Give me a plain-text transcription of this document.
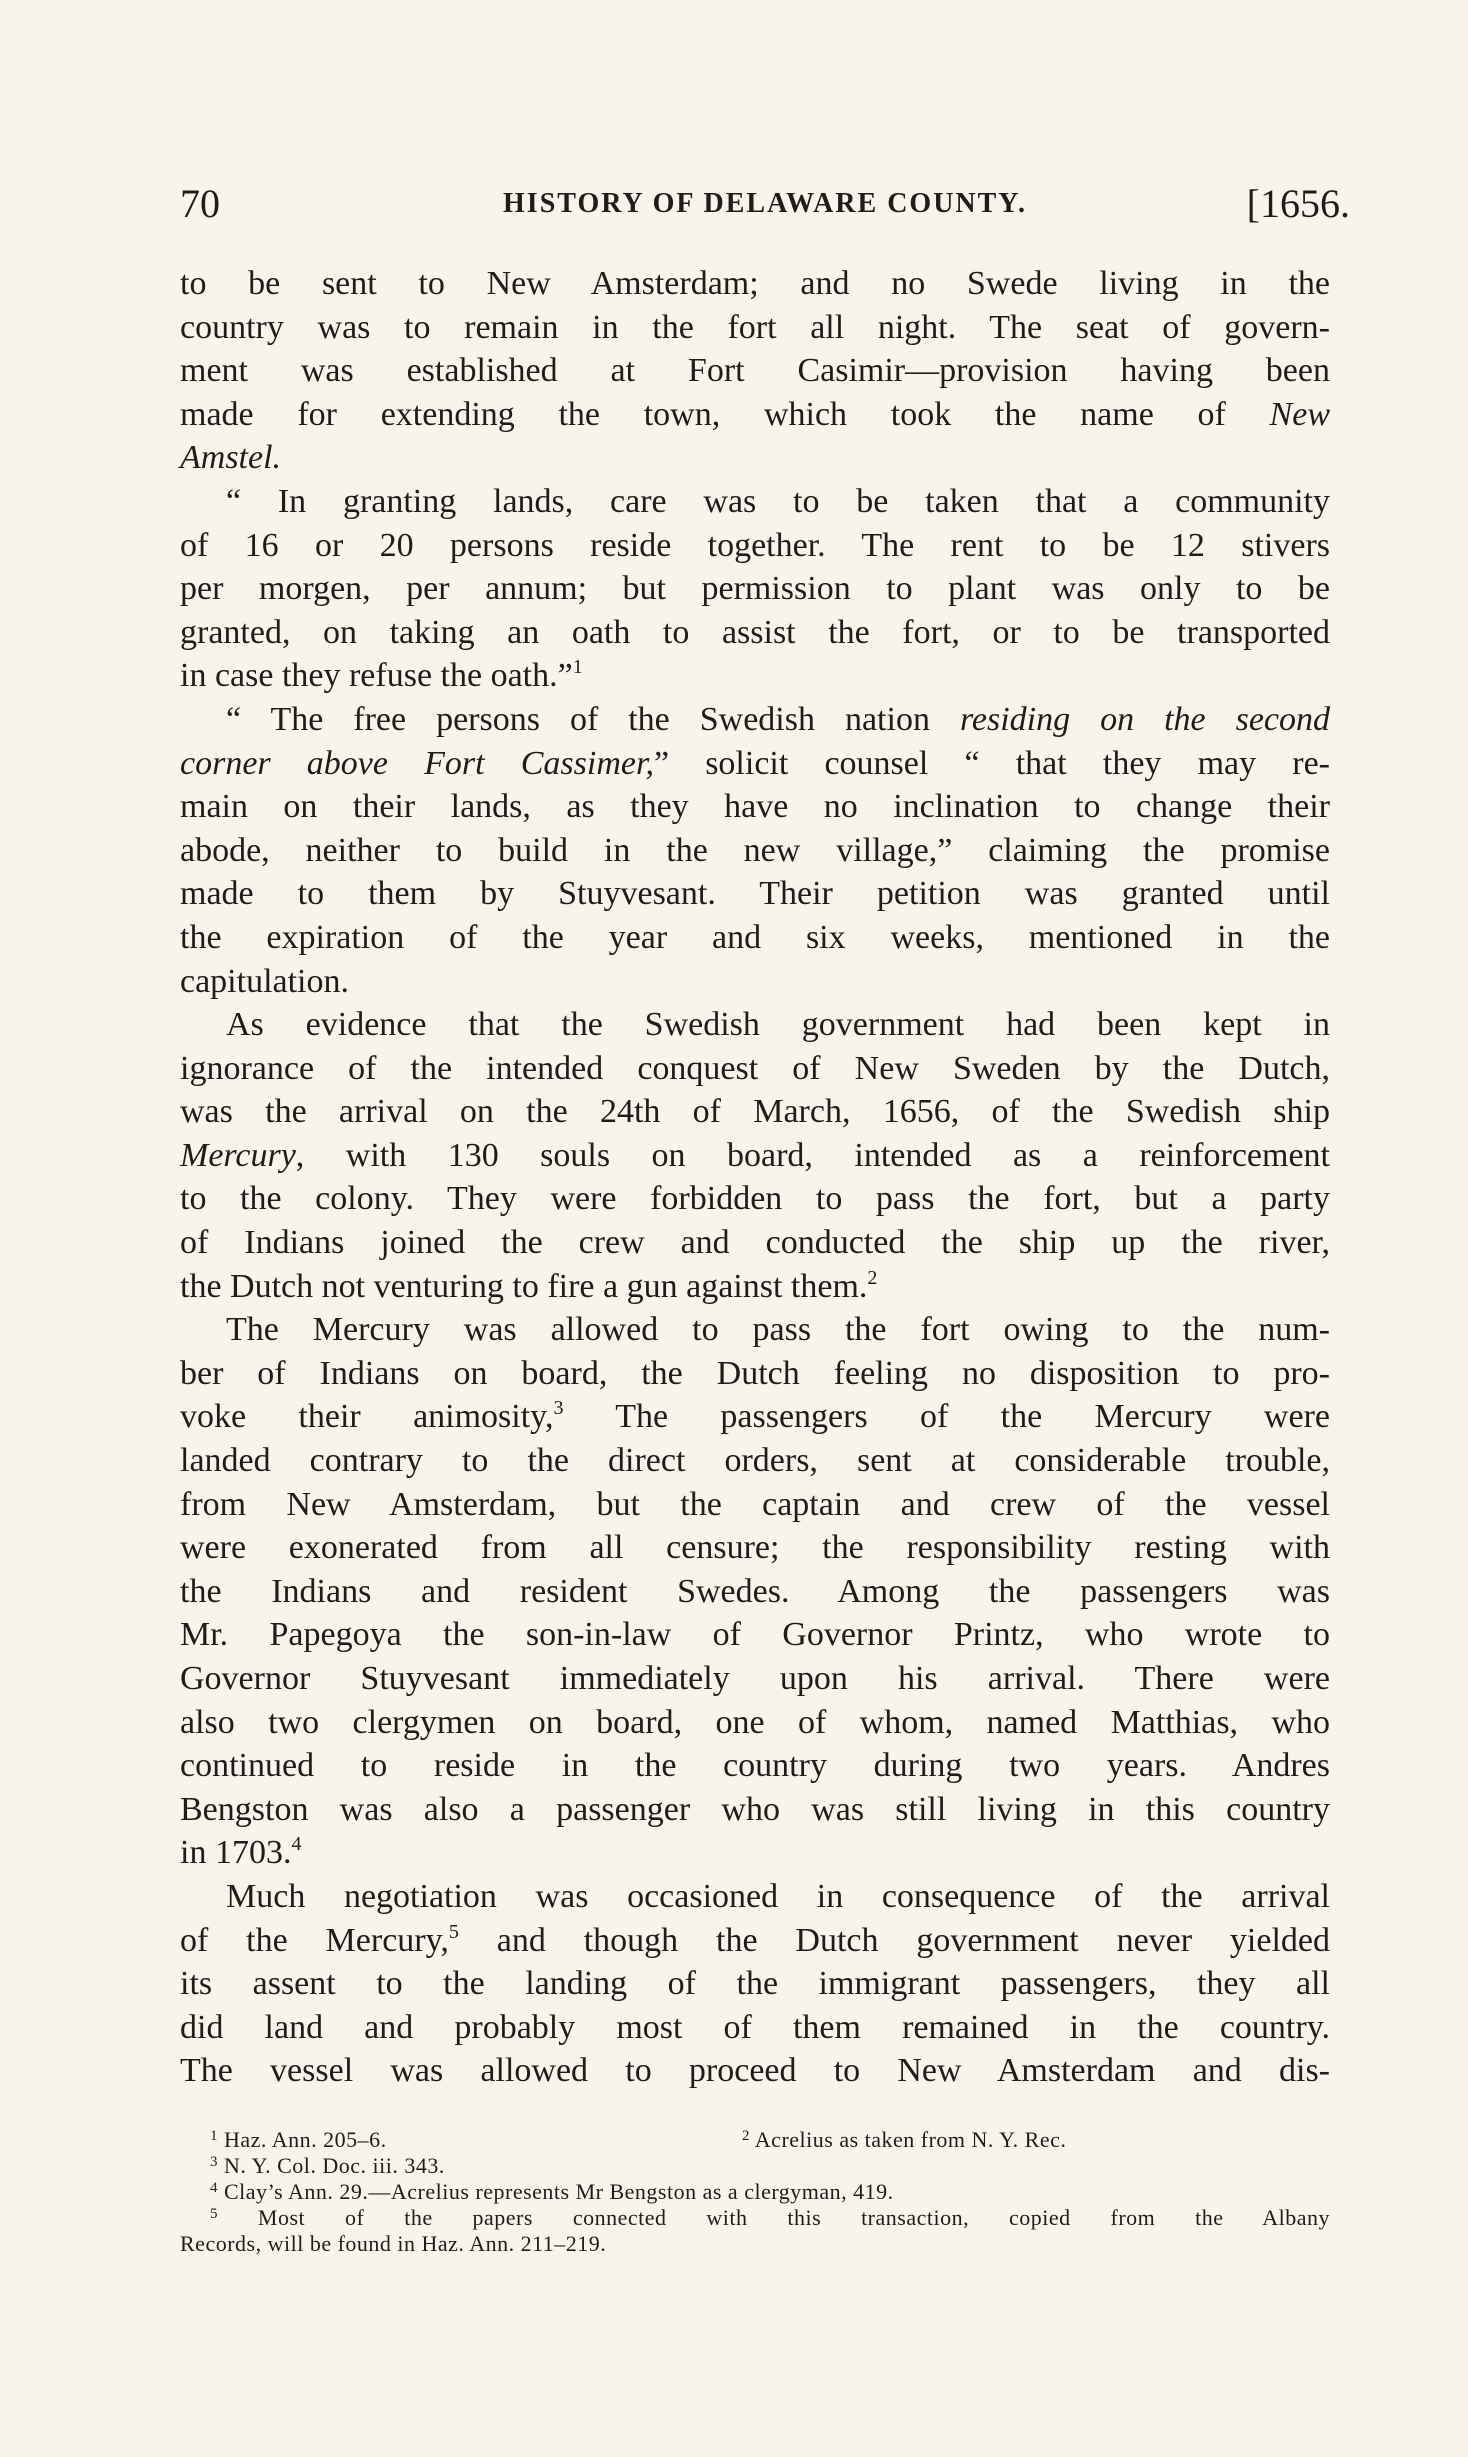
70	HISTORY OF DELAWARE COUNTY.	[1656.
to be sent to New Amsterdam; and no Swede living in the
country was to remain in the fort all night. The seat of govern-
ment was established at Fort Casimir—provision having been
made for extending the town, which took the name of New
Amstel.
“ In granting lands, care was to be taken that a community
of 16 or 20 persons reside together. The rent to be 12 stivers
per morgen, per annum; but permission to plant was only to be
granted, on taking an oath to assist the fort, or to be transported
in case they refuse the oath.”$^1$
“ The free persons of the Swedish nation residing on the second
corner above Fort Cassimer,” solicit counsel “ that they may re-
main on their lands, as they have no inclination to change their
abode, neither to build in the new village,” claiming the promise
made to them by Stuyvesant. Their petition was granted until
the expiration of the year and six weeks, mentioned in the
capitulation.
As evidence that the Swedish government had been kept in
ignorance of the intended conquest of New Sweden by the Dutch,
was the arrival on the 24th of March, 1656, of the Swedish ship
Mercury, with 130 souls on board, intended as a reinforcement
to the colony. They were forbidden to pass the fort, but a party
of Indians joined the crew and conducted the ship up the river,
the Dutch not venturing to fire a gun against them.$^2$
The Mercury was allowed to pass the fort owing to the num-
ber of Indians on board, the Dutch feeling no disposition to pro-
voke their animosity,$^3$ The passengers of the Mercury were
landed contrary to the direct orders, sent at considerable trouble,
from New Amsterdam, but the captain and crew of the vessel
were exonerated from all censure; the responsibility resting with
the Indians and resident Swedes. Among the passengers was
Mr. Papegoya the son-in-law of Governor Printz, who wrote to
Governor Stuyvesant immediately upon his arrival. There were
also two clergymen on board, one of whom, named Matthias, who
continued to reside in the country during two years. Andres
Bengston was also a passenger who was still living in this country
in 1703.$^4$
Much negotiation was occasioned in consequence of the arrival
of the Mercury,$^5$ and though the Dutch government never yielded
its assent to the landing of the immigrant passengers, they all
did land and probably most of them remained in the country.
The vessel was allowed to proceed to New Amsterdam and dis-
$^1$ Haz. Ann. 205–6.	$^2$ Acrelius as taken from N. Y. Rec.
$^3$ N. Y. Col. Doc. iii. 343.
$^4$ Clay’s Ann. 29.—Acrelius represents Mr Bengston as a clergyman, 419.
$^5$ Most of the papers connected with this transaction, copied from the Albany
Records, will be found in Haz. Ann. 211–219.
